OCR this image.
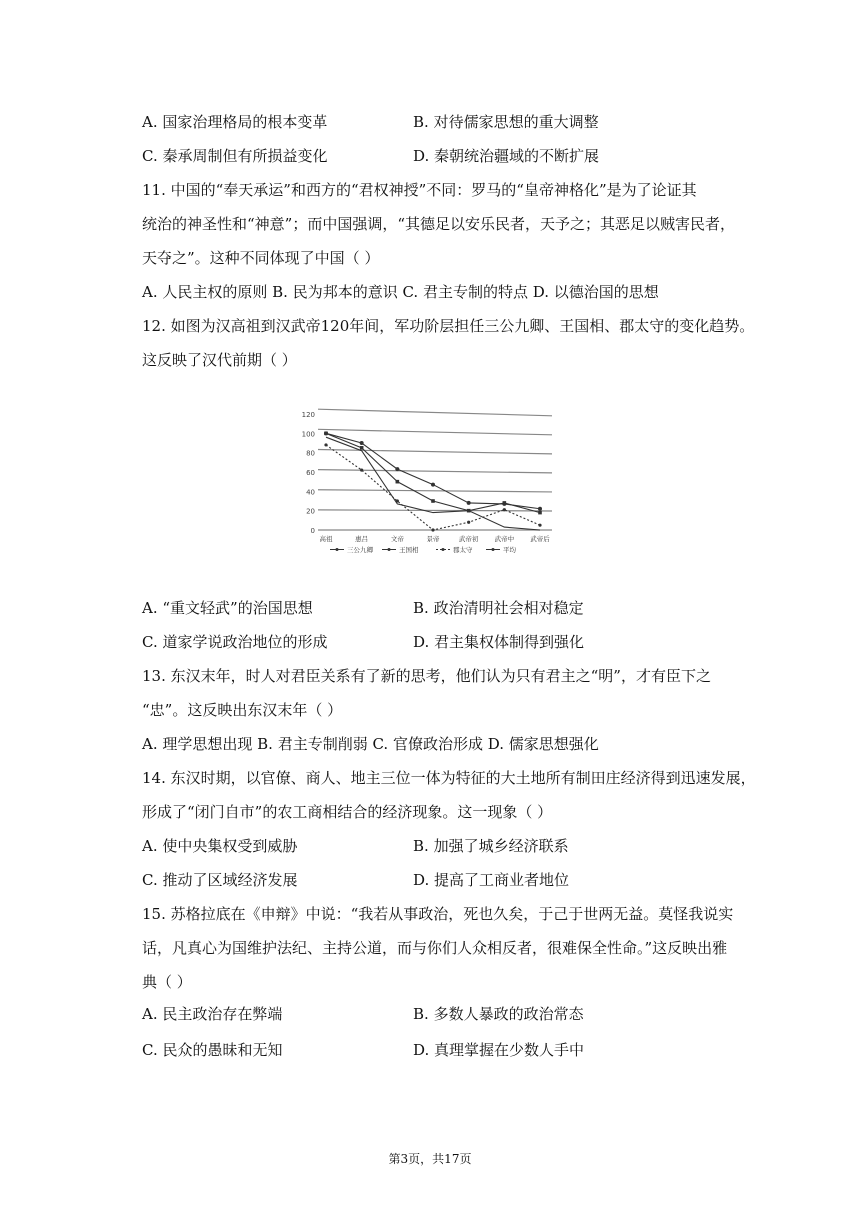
A. 国家治理格局的根本变革	B. 对待儒家思想的重大调整
C. 秦承周制但有所损益变化	D. 秦朝统治疆域的不断扩展
11. 中国的“奉天承运”和西方的“君权神授”不同：罗马的“皇帝神格化”是为了论证其
统治的神圣性和“神意”；而中国强调，“其德足以安乐民者，天予之；其恶足以贼害民者，
天夺之”。这种不同体现了中国（ ）
A. 人民主权的原则 B. 民为邦本的意识 C. 君主专制的特点 D. 以德治国的思想
12. 如图为汉高祖到汉武帝120年间，军功阶层担任三公九卿、王国相、郡太守的变化趋势。
这反映了汉代前期（ ）
0
20
40
60
80
100
120
高祖	惠吕	文帝	景帝	武帝初 武帝中 武帝后
三公九卿	王国相	郡太守	平均
A. “重文轻武”的治国思想	B. 政治清明社会相对稳定
C. 道家学说政治地位的形成	D. 君主集权体制得到强化
13. 东汉末年，时人对君臣关系有了新的思考，他们认为只有君主之“明”，才有臣下之
“忠”。这反映出东汉末年（ ）
A. 理学思想出现 B. 君主专制削弱 C. 官僚政治形成 D. 儒家思想强化
14. 东汉时期，以官僚、商人、地主三位一体为特征的大土地所有制田庄经济得到迅速发展，
形成了“闭门自市”的农工商相结合的经济现象。这一现象（ ）
A. 使中央集权受到威胁	B. 加强了城乡经济联系
C. 推动了区域经济发展	D. 提高了工商业者地位
15. 苏格拉底在《申辩》中说：“我若从事政治，死也久矣，于己于世两无益。莫怪我说实
话，凡真心为国维护法纪、主持公道，而与你们人众相反者，很难保全性命。”这反映出雅
典（ ）
A. 民主政治存在弊端	B. 多数人暴政的政治常态
C. 民众的愚昧和无知	D. 真理掌握在少数人手中
第3页，共17页
